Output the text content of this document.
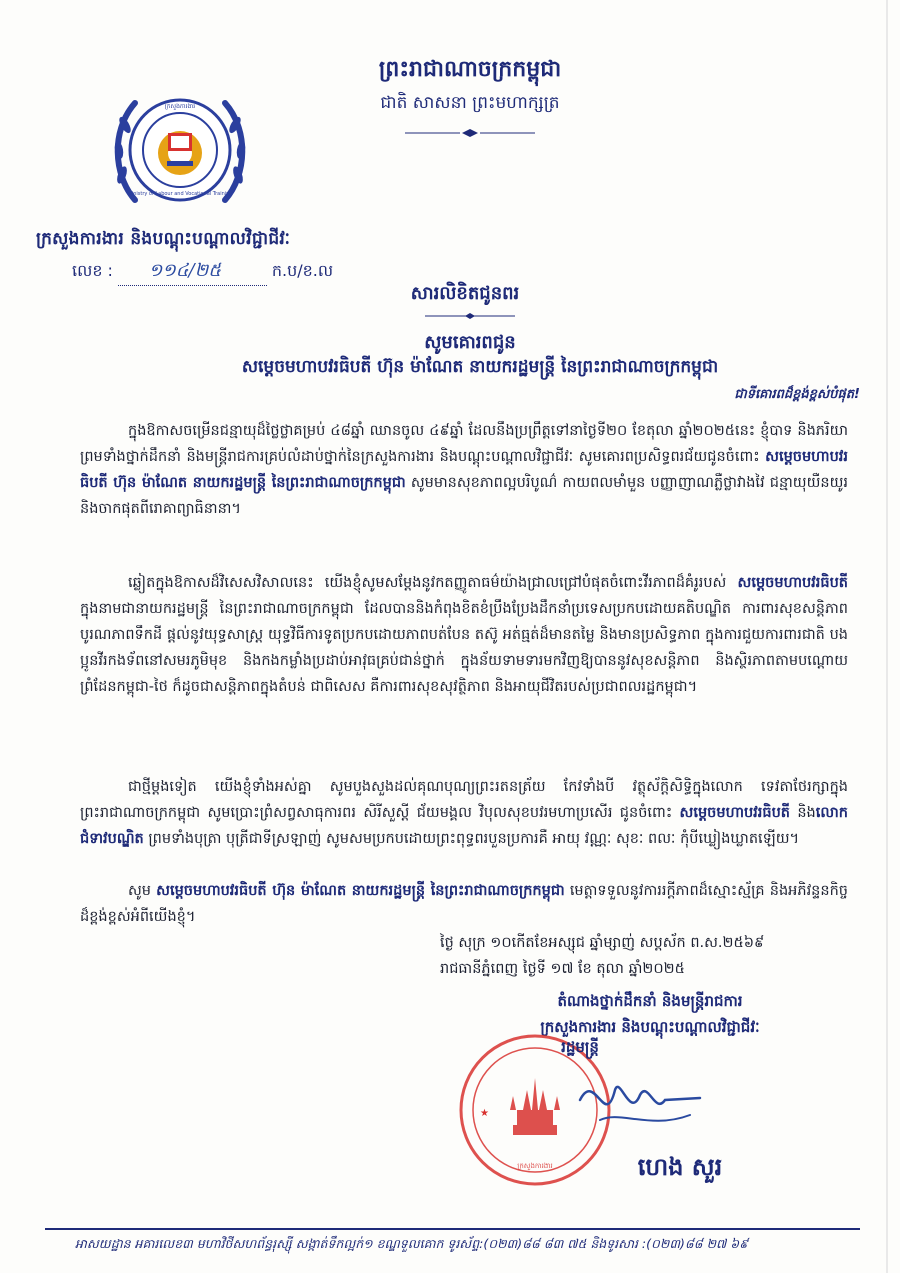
ក្រសួងការងារ
Ministry of Labour and Vocational Training
ព្រះរាជាណាចក្រកម្ពុជា
ជាតិ សាសនា ព្រះមហាក្សត្រ
ក្រសួងការងារ និងបណ្តុះបណ្តាលវិជ្ជាជីវៈ
លេខ : ១១៤/២៥	ក.ប/ខ.ល
សារលិខិតជូនពរ
សូមគោរពជូន
សម្តេចមហាបវរធិបតី ហ៊ុន ម៉ាណែត នាយករដ្ឋមន្ត្រី នៃព្រះរាជាណាចក្រកម្ពុជា
ជាទីគោរពដ៏ខ្ពង់ខ្ពស់បំផុត!
ក្នុងឱកាសចម្រើនជន្មាយុដ៏ថ្លៃថ្លាគម្រប់ ៤៨ឆ្នាំ ឈានចូល ៤៩ឆ្នាំ ដែលនឹងប្រព្រឹត្តទៅនាថ្ងៃទី២០ ខែតុលា ឆ្នាំ២០២៥នេះ ខ្ញុំបាទ និងភរិយា ព្រមទាំងថ្នាក់ដឹកនាំ និងមន្ត្រីរាជការគ្រប់លំដាប់ថ្នាក់នៃក្រសួងការងារ និងបណ្តុះបណ្តាលវិជ្ជាជីវៈ សូមគោរពប្រសិទ្ធពរជ័យជូនចំពោះ សម្តេចមហាបវរធិបតី ហ៊ុន ម៉ាណែត នាយករដ្ឋមន្ត្រី នៃព្រះរាជាណាចក្រកម្ពុជា សូមមានសុខភាពល្អបរិបូណ៌ កាយពលមាំមួន បញ្ញាញាណភ្លឺថ្លាវាងវៃ ជន្មាយុយឺនយូរ និងចាកផុតពីរោគាព្យាធិនានា។
ឆ្លៀតក្នុងឱកាសដ៏វិសេសវិសាលនេះ យើងខ្ញុំសូមសម្តែងនូវកតញ្ញូតាធម៌យ៉ាងជ្រាលជ្រៅបំផុតចំពោះវីរភាពដ៏គំរូរបស់ សម្តេចមហាបវរធិបតី ក្នុងនាមជានាយករដ្ឋមន្ត្រី នៃព្រះរាជាណាចក្រកម្ពុជា ដែលបាននិងកំពុងខិតខំប្រឹងប្រែងដឹកនាំប្រទេសប្រកបដោយគតិបណ្ឌិត ការពារសុខសន្តិភាព បូរណភាពទឹកដី ផ្តល់នូវយុទ្ធសាស្ត្រ យុទ្ធវិធីការទូតប្រកបដោយភាពបត់បែន តស៊ូ អត់ធ្មត់ដ៏មានតម្លៃ និងមានប្រសិទ្ធភាព ក្នុងការជួយការពារជាតិ បងប្អូនវីរកងទ័ពនៅសមរភូមិមុខ និងកងកម្លាំងប្រដាប់អាវុធគ្រប់ជាន់ថ្នាក់ ក្នុងន័យទាមទារមកវិញឱ្យបាននូវសុខសន្តិភាព និងស្ថិរភាពតាមបណ្តោយព្រំដែនកម្ពុជា-ថៃ ក៏ដូចជាសន្តិភាពក្នុងតំបន់ ជាពិសេស គឺការពារសុខសុវត្ថិភាព និងអាយុជីវិតរបស់ប្រជាពលរដ្ឋកម្ពុជា។
ជាថ្មីម្តងទៀត យើងខ្ញុំទាំងអស់គ្នា សូមបួងសួងដល់គុណបុណ្យព្រះរតនត្រ័យ កែវទាំងបី វត្ថុស័ក្តិសិទ្ធិក្នុងលោក ទេវតាថែរក្សាក្នុងព្រះរាជាណាចក្រកម្ពុជា សូមប្រោះព្រំសព្វសាធុការពរ សិរីសួស្តី ជ័យមង្គល វិបុលសុខបវរមហាប្រសើរ ជូនចំពោះ សម្តេចមហាបវរធិបតី និងលោកជំទាវបណ្ឌិត ព្រមទាំងបុត្រា បុត្រីជាទីស្រឡាញ់ សូមសមប្រកបដោយព្រះពុទ្ធពរបួនប្រការគឺ អាយុ វណ្ណៈ សុខៈ ពលៈ កុំបីឃ្លៀងឃ្លាតឡើយ។
សូម សម្តេចមហាបវរធិបតី ហ៊ុន ម៉ាណែត នាយករដ្ឋមន្ត្រី នៃព្រះរាជាណាចក្រកម្ពុជា មេត្តាទទួលនូវការរក្តីភាពដ៏ស្មោះស្ម័គ្រ និងអភិវន្ទនកិច្ចដ៏ខ្ពង់ខ្ពស់អំពីយើងខ្ញុំ។
ថ្ងៃ សុក្រ ១០កើតខែអស្សុជ ឆ្នាំម្សាញ់ សប្តស័ក ព.ស.២៥៦៩
រាជធានីភ្នំពេញ ថ្ងៃទី ១៧ ខែ តុលា ឆ្នាំ២០២៥
តំណាងថ្នាក់ដឹកនាំ និងមន្ត្រីរាជការ
ក្រសួងការងារ និងបណ្តុះបណ្តាលវិជ្ជាជីវៈ
ក្រសួងការងារ
★
រដ្ឋមន្ត្រី
ហេង សួរ
អាសយដ្ឋាន អគារលេខ៣ មហាវិថីសហព័ន្ធរុស្ស៊ី សង្កាត់ទឹកល្អក់១ ខណ្ឌទួលគោក ទូរស័ព្ទ:(០២៣)៨៨ ៨៣ ៧៥ និងទូរសារ :(០២៣)៨៨ ២៧ ៦៩
